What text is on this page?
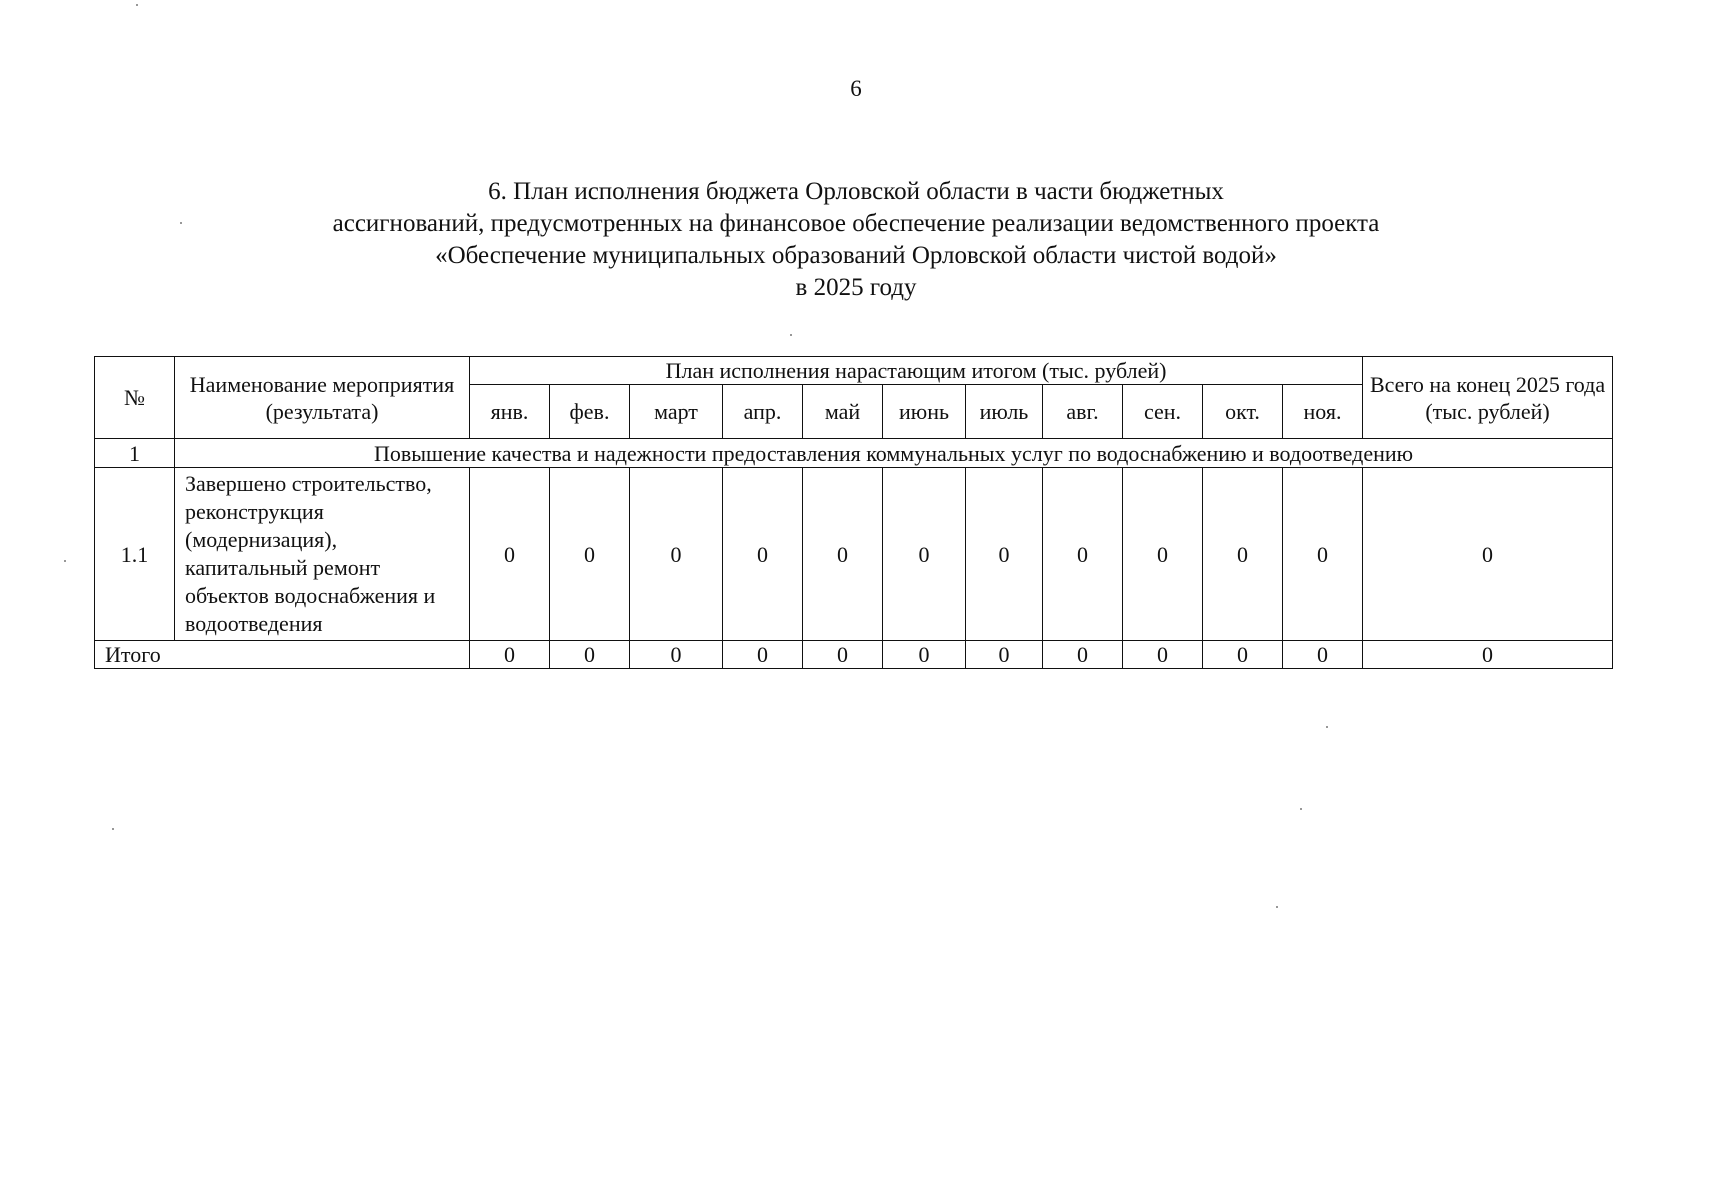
6
6. План исполнения бюджета Орловской области в части бюджетных
ассигнований, предусмотренных на финансовое обеспечение реализации ведомственного проекта
«Обеспечение муниципальных образований Орловской области чистой водой»
в 2025 году
№	Наименование мероприятия (результата)	План исполнения нарастающим итогом (тыс. рублей)											Всего на конец 2025 года (тыс. рублей)
		янв.	фев.	март	апр.	май	июнь	июль	авг.	сен.	окт.	ноя.	
1	Повышение качества и надежности предоставления коммунальных услуг по водоснабжению и водоотведению												
1.1	Завершено строительство, реконструкция (модернизация), капитальный ремонт объектов водоснабжения и водоотведения	0	0	0	0	0	0	0	0	0	0	0	0
Итого		0	0	0	0	0	0	0	0	0	0	0	0
